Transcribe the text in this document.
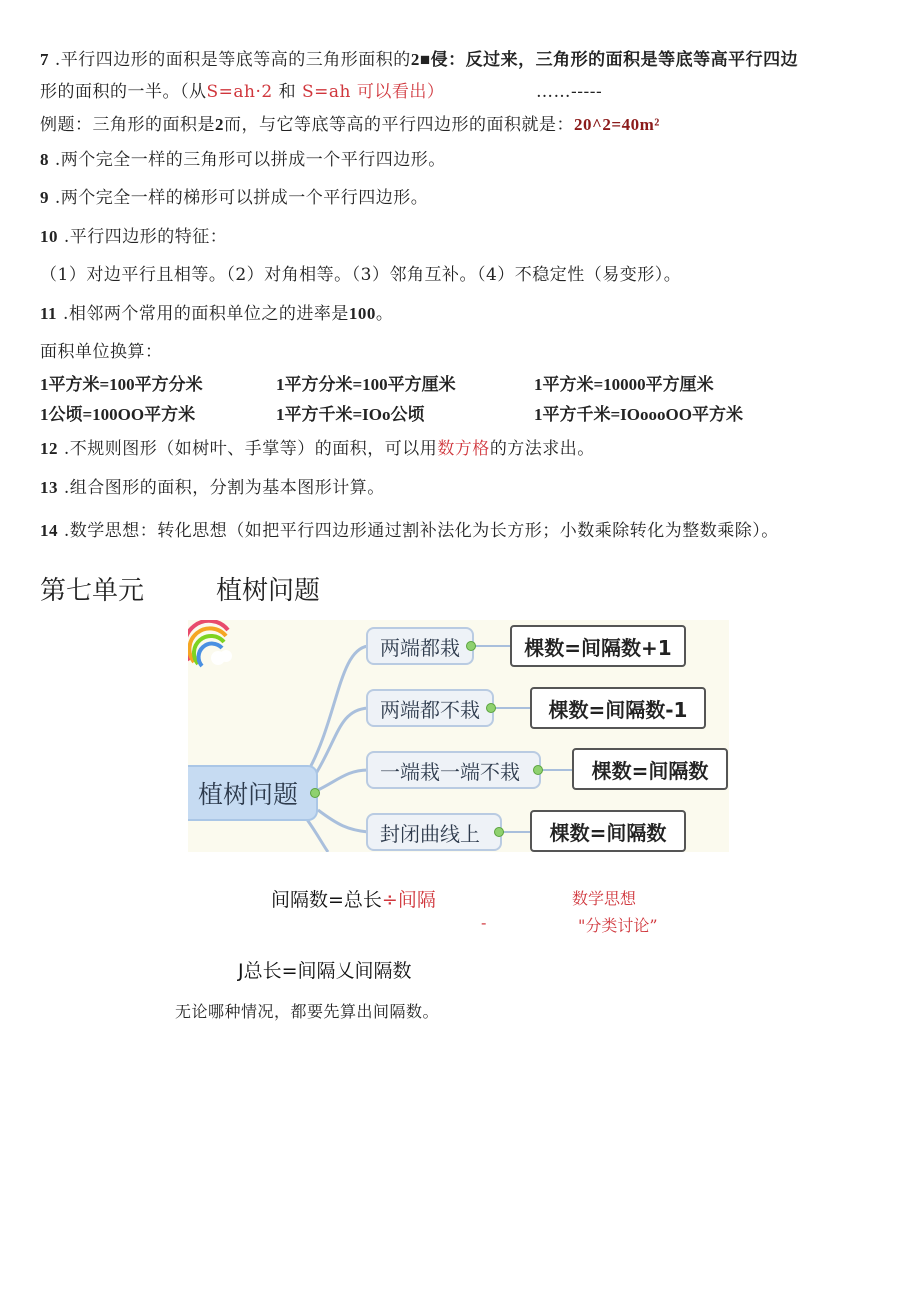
7 .平行四边形的面积是等底等高的三角形面积的2■侵：反过来，三角形的面积是等底等高平行四边
形的面积的一半。（从S=ah·2 和 S=ah 可以看出）	……-----
例题：三角形的面积是2而，与它等底等高的平行四边形的面积就是：20^2=40m²
8 .两个完全一样的三角形可以拼成一个平行四边形。
9 .两个完全一样的梯形可以拼成一个平行四边形。
10 .平行四边形的特征：
（1）对边平行且相等。（2）对角相等。（3）邻角互补。（4）不稳定性（易变形）。
11 .相邻两个常用的面积单位之的进率是100。
面积单位换算：
1平方米=100平方分米	1平方分米=100平方厘米	1平方米=10000平方厘米
1公顷=100OO平方米	1平方千米=IOo公顷	1平方千米=IOoooOO平方米
12 .不规则图形（如树叶、手掌等）的面积，可以用数方格的方法求出。
13 .组合图形的面积，分割为基本图形计算。
14 .数学思想：转化思想（如把平行四边形通过割补法化为长方形；小数乘除转化为整数乘除）。
第七单元	植树问题
植树问题
两端都栽	棵数=间隔数+1
两端都不栽	棵数=间隔数-1
一端栽一端不栽	棵数=间隔数
封闭曲线上	棵数=间隔数
间隔数=总长÷间隔	数学思想
-	"分类讨论”
J总长=间隔乂间隔数
无论哪种情况，都要先算出间隔数。
